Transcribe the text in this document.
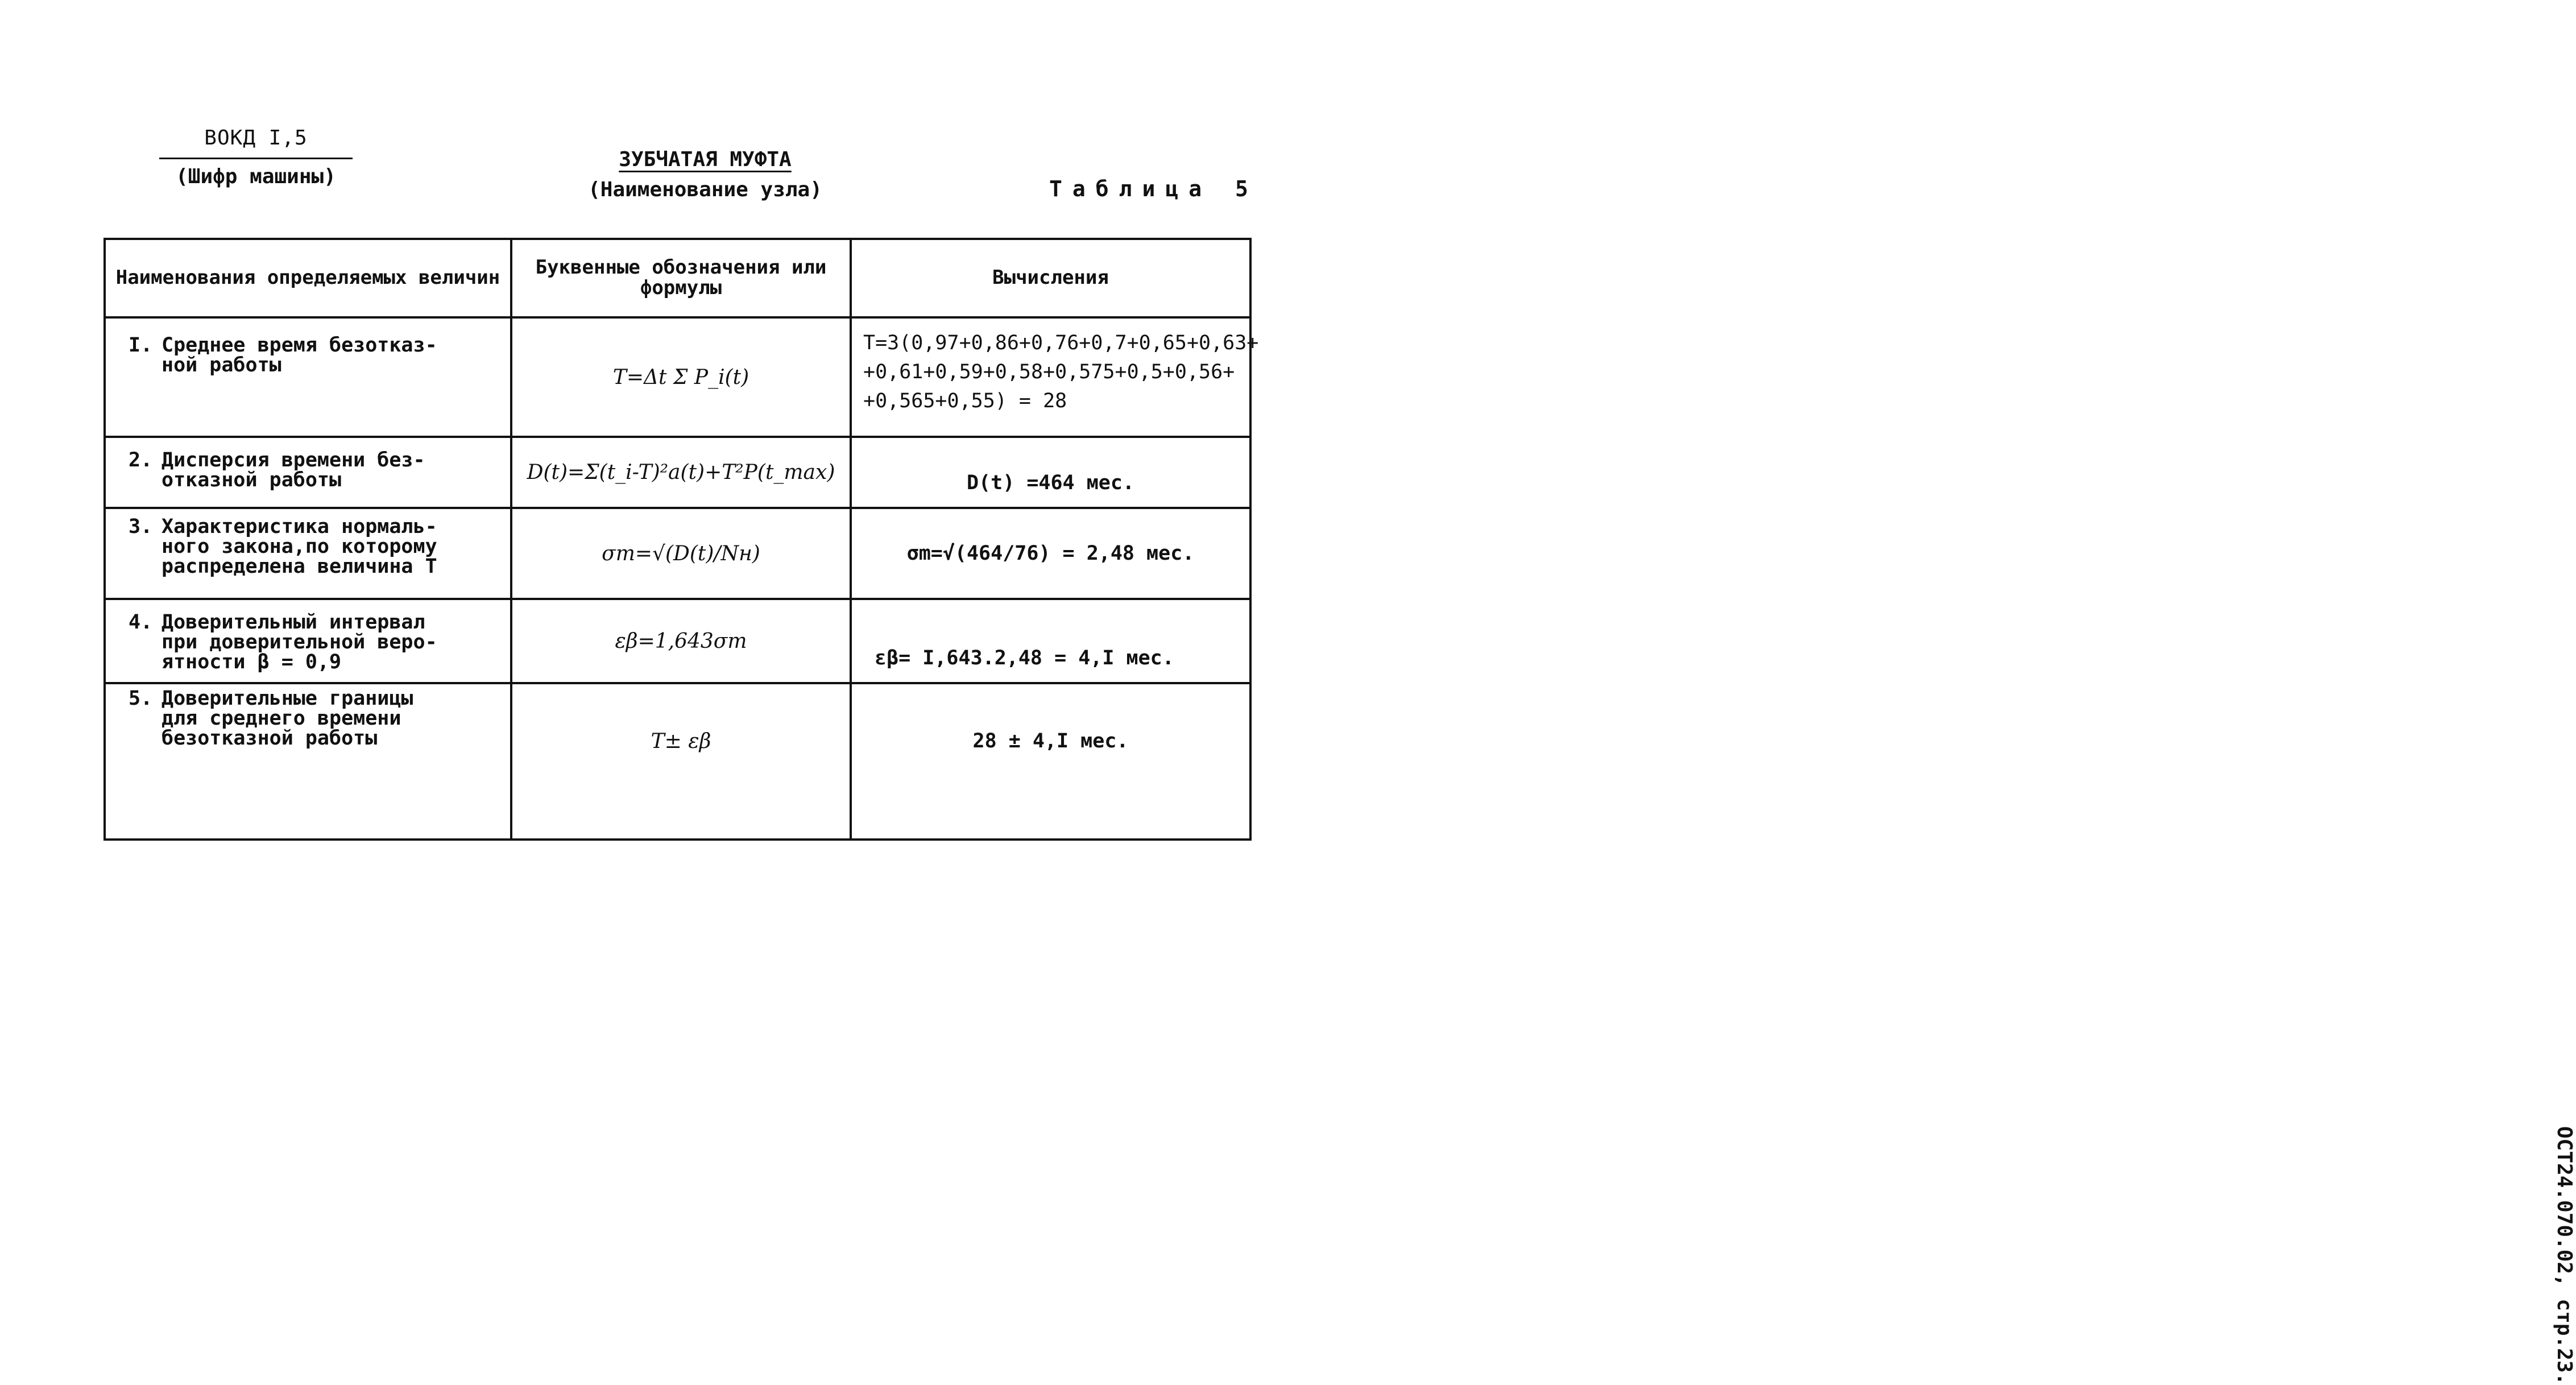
ВОКД I,5
(Шифр машины)
ЗУБЧАТАЯ МУФТА
(Наименование узла)	Таблица 5
Наименования определяемых величин	Буквенные обозначения или формулы	Вычисления

I. Среднее время безотказ-
ной работы	T=Δt Σ P_i(t)	T=3(0,97+0,86+0,76+0,7+0,65+0,63+
+0,61+0,59+0,58+0,575+0,5+0,56+
+0,565+0,55) = 28

2. Дисперсия времени без-
отказной работы	D(t)=Σ(t_i-T)²a(t)+T²P(t_max)	D(t) =464 мес.

3. Характеристика нормаль-
ного закона,по которому
распределена величина Т	σm=√(D(t)/Nн)	σm=√(464/76) = 2,48 мес.

4. Доверительный интервал
при доверительной веро-
ятности β = 0,9	εβ=1,643σm	εβ= I,643.2,48 = 4,I мес.

5. Доверительные границы
для среднего времени
безотказной работы	T± εβ	28 ± 4,I мес.
ОСТ24.070.02, стр.23.
